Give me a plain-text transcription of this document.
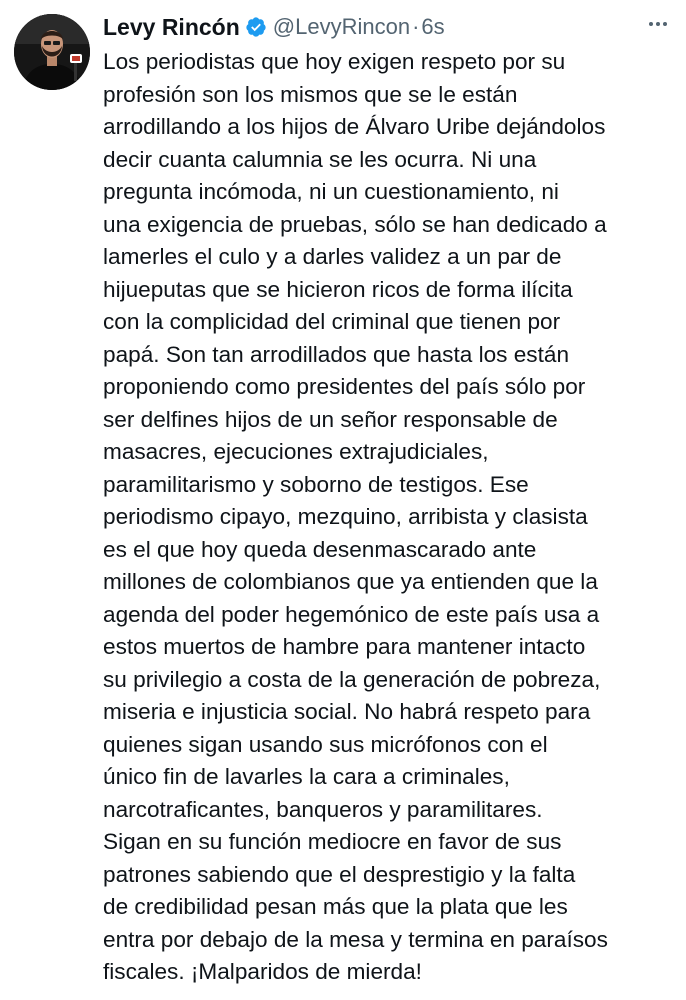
Levy Rincón @LevyRincon · 6s
Los periodistas que hoy exigen respeto por su
profesión son los mismos que se le están
arrodillando a los hijos de Álvaro Uribe dejándolos
decir cuanta calumnia se les ocurra. Ni una
pregunta incómoda, ni un cuestionamiento, ni
una exigencia de pruebas, sólo se han dedicado a
lamerles el culo y a darles validez a un par de
hijueputas que se hicieron ricos de forma ilícita
con la complicidad del criminal que tienen por
papá. Son tan arrodillados que hasta los están
proponiendo como presidentes del país sólo por
ser delfines hijos de un señor responsable de
masacres, ejecuciones extrajudiciales,
paramilitarismo y soborno de testigos. Ese
periodismo cipayo, mezquino, arribista y clasista
es el que hoy queda desenmascarado ante
millones de colombianos que ya entienden que la
agenda del poder hegemónico de este país usa a
estos muertos de hambre para mantener intacto
su privilegio a costa de la generación de pobreza,
miseria e injusticia social. No habrá respeto para
quienes sigan usando sus micrófonos con el
único fin de lavarles la cara a criminales,
narcotraficantes, banqueros y paramilitares.
Sigan en su función mediocre en favor de sus
patrones sabiendo que el desprestigio y la falta
de credibilidad pesan más que la plata que les
entra por debajo de la mesa y termina en paraísos
fiscales. ¡Malparidos de mierda!
